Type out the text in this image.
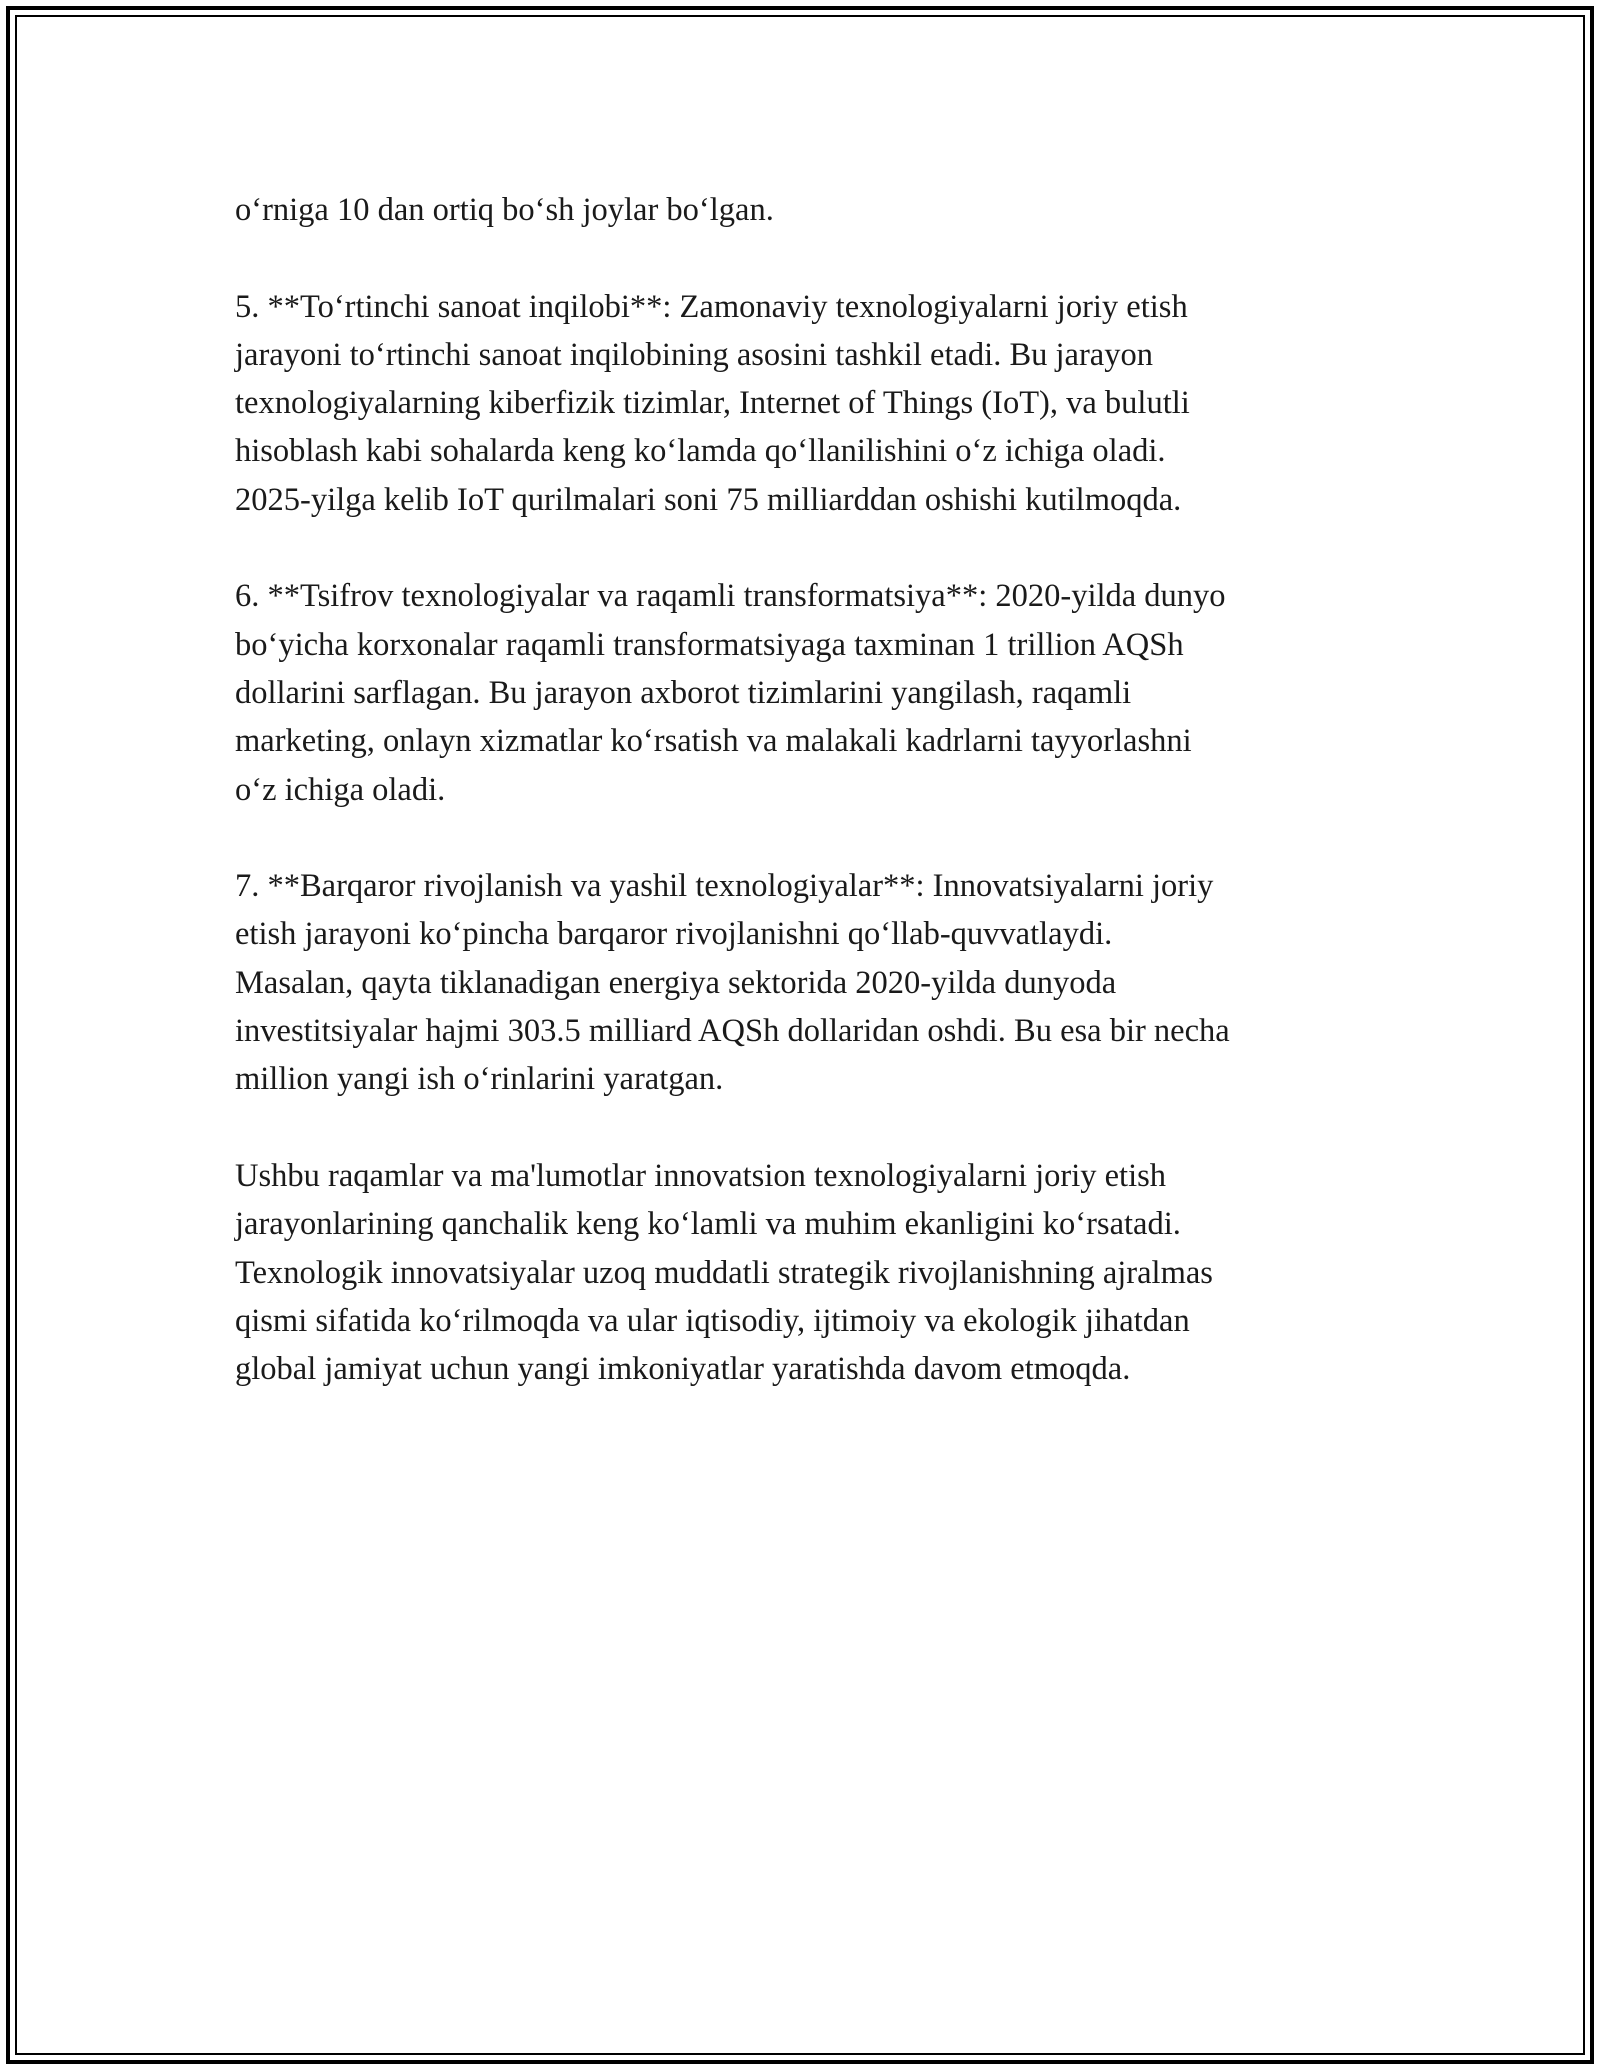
o‘rniga 10 dan ortiq bo‘sh joylar bo‘lgan.

5. **To‘rtinchi sanoat inqilobi**: Zamonaviy texnologiyalarni joriy etish
jarayoni to‘rtinchi sanoat inqilobining asosini tashkil etadi. Bu jarayon
texnologiyalarning kiberfizik tizimlar, Internet of Things (IoT), va bulutli
hisoblash kabi sohalarda keng ko‘lamda qo‘llanilishini o‘z ichiga oladi.
2025-yilga kelib IoT qurilmalari soni 75 milliarddan oshishi kutilmoqda.

6. **Tsifrov texnologiyalar va raqamli transformatsiya**: 2020-yilda dunyo
bo‘yicha korxonalar raqamli transformatsiyaga taxminan 1 trillion AQSh
dollarini sarflagan. Bu jarayon axborot tizimlarini yangilash, raqamli
marketing, onlayn xizmatlar ko‘rsatish va malakali kadrlarni tayyorlashni
o‘z ichiga oladi.

7. **Barqaror rivojlanish va yashil texnologiyalar**: Innovatsiyalarni joriy
etish jarayoni ko‘pincha barqaror rivojlanishni qo‘llab-quvvatlaydi.
Masalan, qayta tiklanadigan energiya sektorida 2020-yilda dunyoda
investitsiyalar hajmi 303.5 milliard AQSh dollaridan oshdi. Bu esa bir necha
million yangi ish o‘rinlarini yaratgan.

Ushbu raqamlar va ma'lumotlar innovatsion texnologiyalarni joriy etish
jarayonlarining qanchalik keng ko‘lamli va muhim ekanligini ko‘rsatadi.
Texnologik innovatsiyalar uzoq muddatli strategik rivojlanishning ajralmas
qismi sifatida ko‘rilmoqda va ular iqtisodiy, ijtimoiy va ekologik jihatdan
global jamiyat uchun yangi imkoniyatlar yaratishda davom etmoqda.
